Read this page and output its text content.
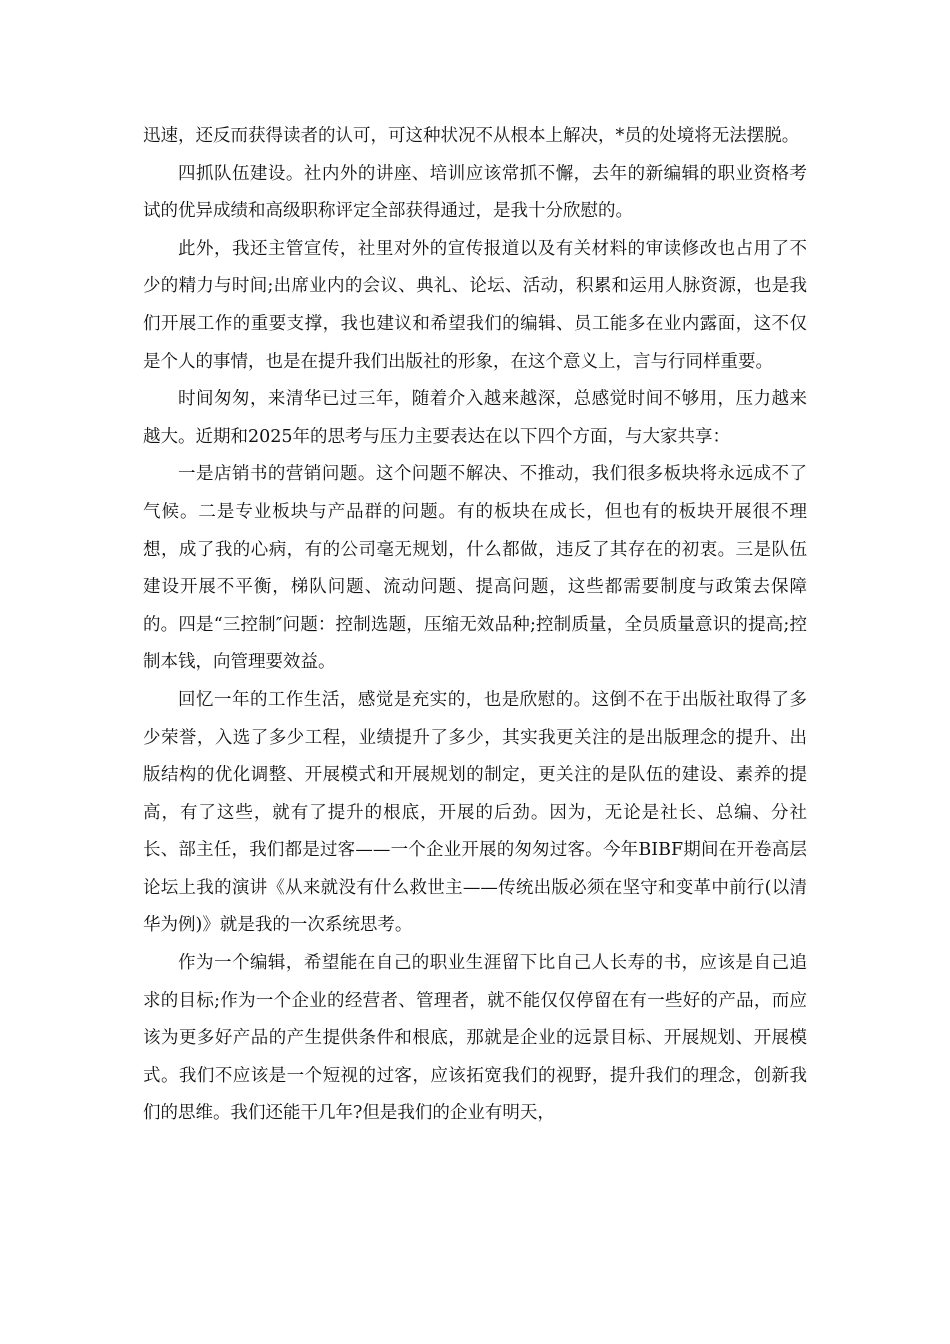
迅速，还反而获得读者的认可，可这种状况不从根本上解决，*员的处境将无法摆脱。

四抓队伍建设。社内外的讲座、培训应该常抓不懈，去年的新编辑的职业资格考试的优异成绩和高级职称评定全部获得通过，是我十分欣慰的。

此外，我还主管宣传，社里对外的宣传报道以及有关材料的审读修改也占用了不少的精力与时间;出席业内的会议、典礼、论坛、活动，积累和运用人脉资源，也是我们开展工作的重要支撑，我也建议和希望我们的编辑、员工能多在业内露面，这不仅是个人的事情，也是在提升我们出版社的形象，在这个意义上，言与行同样重要。

时间匆匆，来清华已过三年，随着介入越来越深，总感觉时间不够用，压力越来越大。近期和2025年的思考与压力主要表达在以下四个方面，与大家共享：

一是店销书的营销问题。这个问题不解决、不推动，我们很多板块将永远成不了气候。二是专业板块与产品群的问题。有的板块在成长，但也有的板块开展很不理想，成了我的心病，有的公司毫无规划，什么都做，违反了其存在的初衷。三是队伍建设开展不平衡，梯队问题、流动问题、提高问题，这些都需要制度与政策去保障的。四是“三控制″问题：控制选题，压缩无效品种;控制质量，全员质量意识的提高;控制本钱，向管理要效益。

回忆一年的工作生活，感觉是充实的，也是欣慰的。这倒不在于出版社取得了多少荣誉，入选了多少工程，业绩提升了多少，其实我更关注的是出版理念的提升、出版结构的优化调整、开展模式和开展规划的制定，更关注的是队伍的建设、素养的提高，有了这些，就有了提升的根底，开展的后劲。因为，无论是社长、总编、分社长、部主任，我们都是过客——一个企业开展的匆匆过客。今年BIBF期间在开卷高层论坛上我的演讲《从来就没有什么救世主——传统出版必须在坚守和变革中前行(以清华为例)》就是我的一次系统思考。

作为一个编辑，希望能在自己的职业生涯留下比自己人长寿的书，应该是自己追求的目标;作为一个企业的经营者、管理者，就不能仅仅停留在有一些好的产品，而应该为更多好产品的产生提供条件和根底，那就是企业的远景目标、开展规划、开展模式。我们不应该是一个短视的过客，应该拓宽我们的视野，提升我们的理念，创新我们的思维。我们还能干几年?但是我们的企业有明天，
